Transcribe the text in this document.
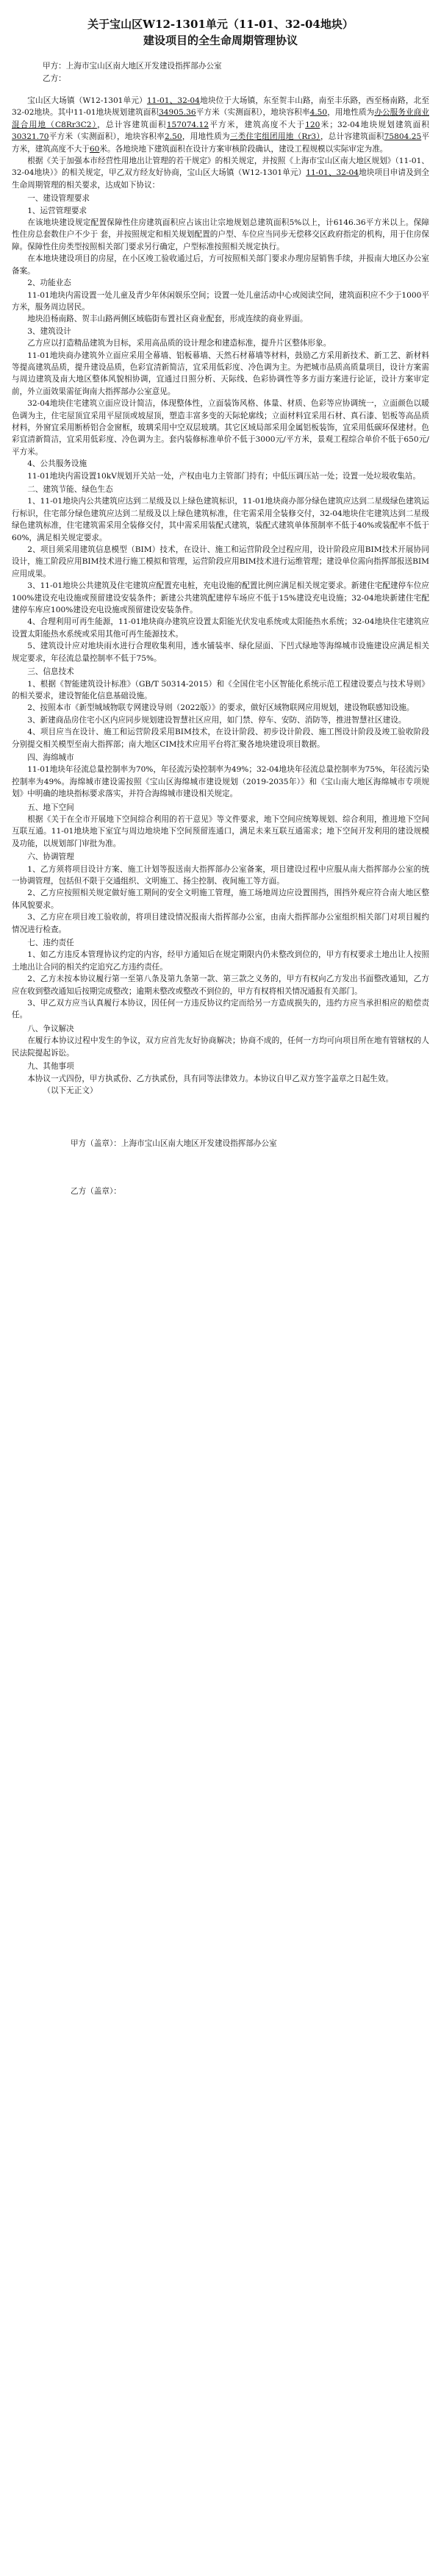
关于宝山区W12-1301单元（11-01、32-04地块）

建设项目的全生命周期管理协议

甲方：上海市宝山区南大地区开发建设指挥部办公室

乙方：

宝山区大场镇（W12-1301单元）11-01、32-04地块位于大场镇，东至贺丰山路，南至丰乐路，西至杨南路，北至32-02地块。其中11-01地块规划建筑面积34905.36平方米（实测面积），地块容积率4.50，用地性质为办公服务业商业混合用地（C8Rr3C2），总计容建筑面积157074.12平方米，建筑高度不大于120米；32-04地块规划建筑面积30321.70平方米（实测面积），地块容积率2.50，用地性质为三类住宅组团用地（Rr3），总计容建筑面积75804.25平方米，建筑高度不大于60米。各地块地下建筑面积在设计方案审核阶段确认，建设工程规模以实际审定为准。

根据《关于加强本市经营性用地出让管理的若干规定》的相关规定，并按照《上海市宝山区南大地区规划》（11-01、32-04地块）》的相关规定，甲乙双方经友好协商，宝山区大场镇（W12-1301单元）11-01、32-04地块项目申请及到全生命周期管理的相关要求，达成如下协议：

一、建设管理要求

1、运营管理要求

在该地块建设规定配置保障性住房建筑面积应占该出让宗地规划总建筑面积5%以上，计6146.36平方米以上。保障性住房总套数住户不少于 套，并按照规定和相关规划配置的户型、车位应当同步无偿移交区政府指定的机构，用于住房保障。保障性住房类型按照相关部门要求另行确定，户型标准按照相关规定执行。

在本地块建设项目的房屋，在小区竣工验收通过后，方可按照相关部门要求办理房屋销售手续，并报南大地区办公室备案。

2、功能业态

11-01地块内需设置一处儿童及青少年休闲娱乐空间；设置一处儿童活动中心或阅读空间，建筑面积应不少于1000平方米，服务周边居民。

地块沿杨南路、贺丰山路两侧区域临街布置社区商业配套，形成连续的商业界面。

3、建筑设计

乙方应以打造精品建筑为目标，采用高品质的设计理念和建造标准，提升片区整体形象。

11-01地块商办建筑外立面应采用全幕墙、铝板幕墙、天然石材幕墙等材料，鼓励乙方采用新技术、新工艺、新材料等提高建筑品质，提升建设品质，色彩宜清新简洁，宜采用低彩度、冷色调为主。为把城市品质高质量项目，设计方案需与周边建筑及南大地区整体风貌相协调，宜通过日照分析、天际线、色彩协调性等多方面方案进行论证，设计方案审定前，外立面效果需征询南大指挥部办公室意见。

32-04地块住宅建筑立面应设计简洁，体现整体性，立面装饰风格、体量、材质、色彩等应协调统一，立面颜色以暖色调为主，住宅屋顶宜采用平屋顶或坡屋顶，塑造丰富多变的天际轮廓线；立面材料宜采用石材、真石漆、铝板等高品质材料，外窗宜采用断桥铝合金窗框，玻璃采用中空双层玻璃。其它区域局部采用金属铝板装饰，宜采用低碳环保建材。色彩宜清新简洁，宜采用低彩度、冷色调为主。套内装修标准单价不低于3000元/平方米，景观工程综合单价不低于650元/平方米。

4、公共服务设施

11-01地块内需设置10kV规划开关站一处，产权由电力主管部门持有；中低压调压站一处；设置一处垃圾收集站。

二、建筑节能、绿色生态

1、11-01地块内公共建筑应达到二星级及以上绿色建筑标识，11-01地块商办部分绿色建筑应达到二星级绿色建筑运行标识，住宅部分绿色建筑应达到二星级及以上绿色建筑标准，住宅需采用全装修交付，32-04地块住宅建筑达到二星级绿色建筑标准，住宅建筑需采用全装修交付，其中需采用装配式建筑，装配式建筑单体预制率不低于40%或装配率不低于60%，满足相关规定要求。

2、项目须采用建筑信息模型（BIM）技术，在设计、施工和运营阶段全过程应用，设计阶段应用BIM技术开展协同设计，施工阶段应用BIM技术进行施工模拟和管理，运营阶段应用BIM技术进行运维管理；建设单位需向指挥部报送BIM应用成果。

3、11-01地块公共建筑及住宅建筑应配置充电桩，充电设施的配置比例应满足相关规定要求。新建住宅配建停车位应100%建设充电设施或预留建设安装条件；新建公共建筑配建停车场应不低于15%建设充电设施；32-04地块新建住宅配建停车库应100%建设充电设施或预留建设安装条件。

4、合理利用可再生能源，11-01地块商办建筑应设置太阳能光伏发电系统或太阳能热水系统；32-04地块住宅建筑应设置太阳能热水系统或采用其他可再生能源技术。

5、建筑设计应对地块雨水进行合理收集利用，透水铺装率、绿化屋面、下凹式绿地等海绵城市设施建设应满足相关规定要求，年径流总量控制率不低于75%。

三、信息技术

1、根据《智能建筑设计标准》（GB/T 50314-2015）和《全国住宅小区智能化系统示范工程建设要点与技术导则》的相关要求，建设智能化信息基础设施。

2、按照本市《新型城域物联专网建设导则（2022版）》的要求，做好区域物联网应用规划，建设物联感知设施。

3、新建商品房住宅小区内应同步规划建设智慧社区应用，如门禁、停车、安防、消防等，推进智慧社区建设。

4、项目应当在设计、施工和运营阶段采用BIM技术，在设计阶段、初步设计阶段、施工图设计阶段及竣工验收阶段分别提交相关模型至南大指挥部；南大地区CIM技术应用平台将汇聚各地块建设项目数据。

四、海绵城市

11-01地块年径流总量控制率为70%，年径流污染控制率为49%；32-04地块年径流总量控制率为75%，年径流污染控制率为49%。海绵城市建设需按照《宝山区海绵城市建设规划（2019-2035年）》和《宝山南大地区海绵城市专项规划》中明确的地块指标要求落实，并符合海绵城市建设相关规定。

五、地下空间

根据《关于在全市开展地下空间综合利用的若干意见》等文件要求，地下空间应统筹规划、综合利用，推进地下空间互联互通。11-01地块地下室宜与周边地块地下空间预留连通口，满足未来互联互通需求；地下空间开发利用的建设规模及功能，以规划部门审批为准。

六、协调管理

1、乙方须将项目设计方案、施工计划等报送南大指挥部办公室备案，项目建设过程中应服从南大指挥部办公室的统一协调管理，包括但不限于交通组织、文明施工、扬尘控制、夜间施工等方面。

2、乙方应按照相关规定做好施工期间的安全文明施工管理，施工场地周边应设置围挡，围挡外观应符合南大地区整体风貌要求。

3、乙方应在项目竣工验收前，将项目建设情况报南大指挥部办公室，由南大指挥部办公室组织相关部门对项目履约情况进行检查。

七、违约责任

1、如乙方违反本管理协议约定的内容，经甲方通知后在规定期限内仍未整改到位的，甲方有权要求土地出让人按照土地出让合同的相关约定追究乙方违约责任。

2、乙方未按本协议履行第一至第八条及第九条第一款、第三款之义务的，甲方有权向乙方发出书面整改通知，乙方应在收到整改通知后按期完成整改；逾期未整改或整改不到位的，甲方有权将相关情况通报有关部门。

3、甲乙双方应当认真履行本协议，因任何一方违反协议约定而给另一方造成损失的，违约方应当承担相应的赔偿责任。

八、争议解决

在履行本协议过程中发生的争议，双方应首先友好协商解决；协商不成的，任何一方均可向项目所在地有管辖权的人民法院提起诉讼。

九、其他事项

本协议一式四份，甲方执贰份、乙方执贰份，具有同等法律效力。本协议自甲乙双方签字盖章之日起生效。

（以下无正文）

甲方（盖章）：上海市宝山区南大地区开发建设指挥部办公室

乙方（盖章）：
